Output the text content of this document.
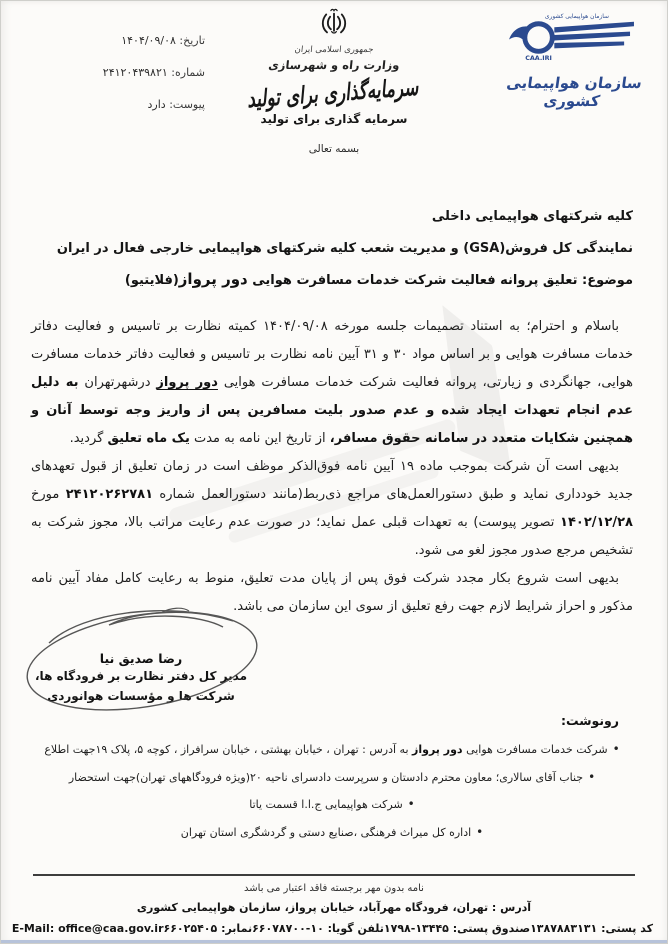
تاریخ: ۱۴۰۴/۰۹/۰۸
شماره: ۲۴۱۲۰۴۳۹۸۲۱
پیوست: دارد
جمهوری اسلامی ایران
وزارت راه و شهرسازی
سرمایه‌گذاری برای تولید
سرمایه گذاری برای تولید
بسمه تعالی
سازمان هواپیمایی کشوری
CAA.IRI
سازمان هواپیمایی کشوری
کلیه شرکتهای هواپیمایی داخلی
نمایندگی کل فروش(GSA) و مدیریت شعب کلیه شرکتهای هواپیمایی خارجی فعال در ایران
موضوع: تعلیق پروانه فعالیت شرکت خدمات مسافرت هوایی دور پرواز(فلایتیو)

باسلام و احترام؛ به استناد تصمیمات جلسه مورخه ۱۴۰۴/۰۹/۰۸ کمیته نظارت بر تاسیس و فعالیت دفاتر خدمات مسافرت هوایی و بر اساس مواد ۳۰ و ۳۱ آیین نامه نظارت بر تاسیس و فعالیت دفاتر خدمات مسافرت هوایی، جهانگردی و زیارتی، پروانه فعالیت شرکت خدمات مسافرت هوایی دور پرواز درشهرتهران به دلیل عدم انجام تعهدات ایجاد شده و عدم صدور بلیت مسافرین پس از واریز وجه توسط آنان و همچنین شکایات متعدد در سامانه حقوق مسافر، از تاریخ این نامه به مدت یک ماه تعلیق گردید.

بدیهی است آن شرکت بموجب ماده ۱۹ آیین نامه فوق‌الذکر موظف است در زمان تعلیق از قبول تعهدهای جدید خودداری نماید و طبق دستورالعمل‌های مراجع ذی‌ربط(مانند دستورالعمل شماره ۲۴۱۲۰۲۶۲۷۸۱ مورخ ۱۴۰۲/۱۲/۲۸ تصویر پیوست) به تعهدات قبلی عمل نماید؛ در صورت عدم رعایت مراتب بالا، مجوز شرکت به تشخیص مرجع صدور مجوز لغو می شود.

بدیهی است شروع بکار مجدد شرکت فوق پس از پایان مدت تعلیق، منوط به رعایت کامل مفاد آیین نامه مذکور و احراز شرایط لازم جهت رفع تعلیق از سوی این سازمان می باشد.

رضا صدیق نیا
مدیر کل دفتر نظارت بر فرودگاه ها،
شرکت ها و مؤسسات هوانوردی
رونوشت:
•شرکت خدمات مسافرت هوایی دور پرواز به آدرس : تهران ، خیابان بهشتی ، خیابان سرافراز ، کوچه ۵، پلاک ۱۹جهت اطلاع
•جناب آقای سالاری؛ معاون محترم دادستان و سرپرست دادسرای ناحیه ۲۰(ویژه فرودگاههای تهران)جهت استحضار
•شرکت هواپیمایی ج.ا.ا قسمت یاتا
•اداره کل میراث فرهنگی ،صنایع دستی و گردشگری استان تهران
نامه بدون مهر برجسته فاقد اعتبار می باشد
آدرس : تهران، فرودگاه مهرآباد، خیابان پرواز، سازمان هواپیمایی کشوری
کد پستی: ۱۳۸۷۸۸۳۱۳۱
صندوق پستی: ۱۳۴۴۵-۱۷۹۸
تلفن گویا: ۱۰-۶۶۰۷۸۷۰۰
نمابر: ۶۶۰۲۵۴۰۵
E-Mail: office@caa.gov.ir
